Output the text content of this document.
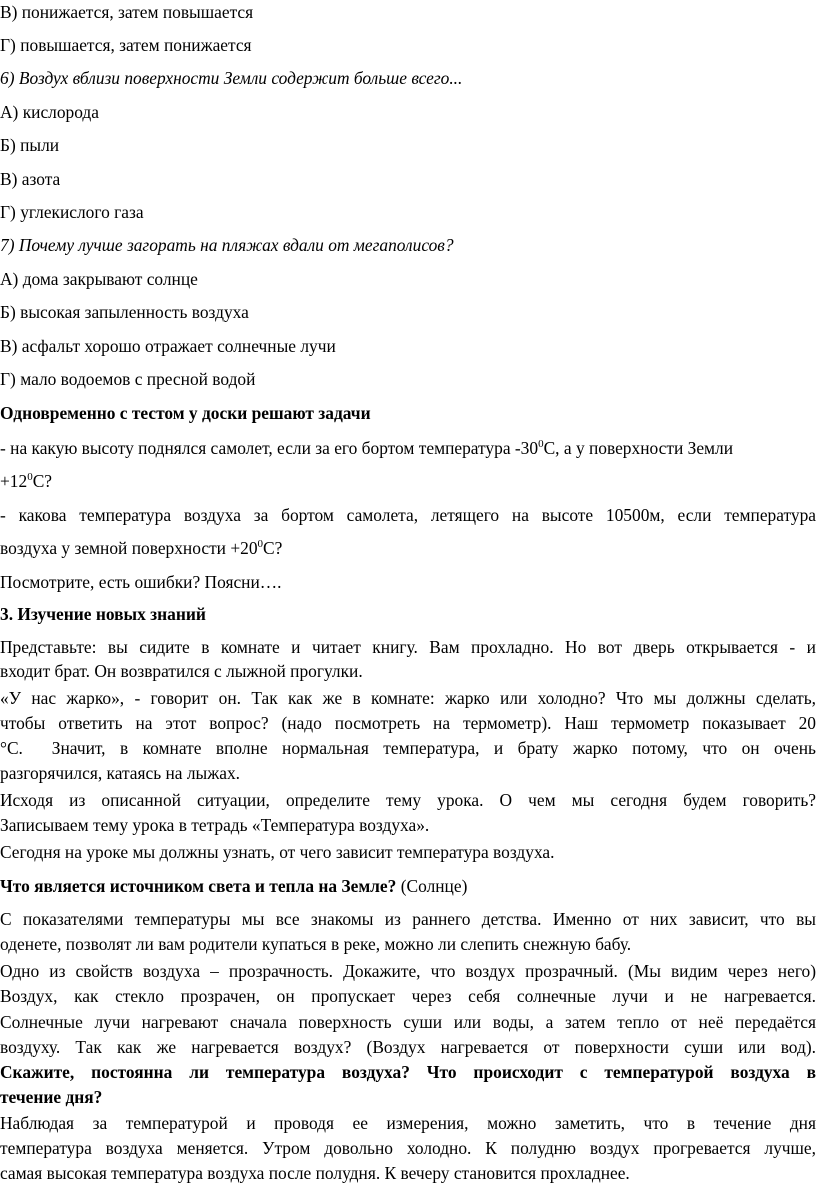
В) понижается, затем повышается
Г) повышается, затем понижается
6) Воздух вблизи поверхности Земли содержит больше всего...
А) кислорода
Б) пыли
В) азота
Г) углекислого газа
7) Почему лучше загорать на пляжах вдали от мегаполисов?
А) дома закрывают солнце
Б) высокая запыленность воздуха
В) асфальт хорошо отражает солнечные лучи
Г) мало водоемов с пресной водой
Одновременно с тестом у доски решают задачи
- на какую высоту поднялся самолет, если за его бортом температура $-30^0С$, а у поверхности Земли
$+12^0С$?
- какова температура воздуха за бортом самолета, летящего на высоте 10500м, если температура
воздуха у земной поверхности $+20^0С$?
Посмотрите, есть ошибки? Поясни….
3. Изучение новых знаний
Представьте: вы сидите в комнате и читает книгу. Вам прохладно. Но вот дверь открывается - и
входит брат. Он возвратился с лыжной прогулки.
«У нас жарко», - говорит он. Так как же в комнате: жарко или холодно? Что мы должны сделать,
чтобы ответить на этот вопрос? (надо посмотреть на термометр). Наш термометр показывает 20
°С.  Значит, в комнате вполне нормальная температура, и брату жарко потому, что он очень
разгорячился, катаясь на лыжах.
Исходя из описанной ситуации, определите тему урока. О чем мы сегодня будем говорить?
Записываем тему урока в тетрадь «Температура воздуха».
Сегодня на уроке мы должны узнать, от чего зависит температура воздуха.
Что является источником света и тепла на Земле? (Солнце)
С показателями температуры мы все знакомы из раннего детства. Именно от них зависит, что вы
оденете, позволят ли вам родители купаться в реке, можно ли слепить снежную бабу.
Одно из свойств воздуха – прозрачность. Докажите, что воздух прозрачный. (Мы видим через него)
Воздух, как стекло прозрачен, он пропускает через себя солнечные лучи и не нагревается.
Солнечные лучи нагревают сначала поверхность суши или воды, а затем тепло от неё передаётся
воздуху. Так как же нагревается воздух? (Воздух нагревается от поверхности суши или вод).
Скажите, постоянна ли температура воздуха? Что происходит с температурой воздуха в
течение дня?
Наблюдая за температурой и проводя ее измерения, можно заметить, что в течение дня
температура воздуха меняется. Утром довольно холодно. К полудню воздух прогревается лучше,
самая высокая температура воздуха после полудня. К вечеру становится прохладнее.
